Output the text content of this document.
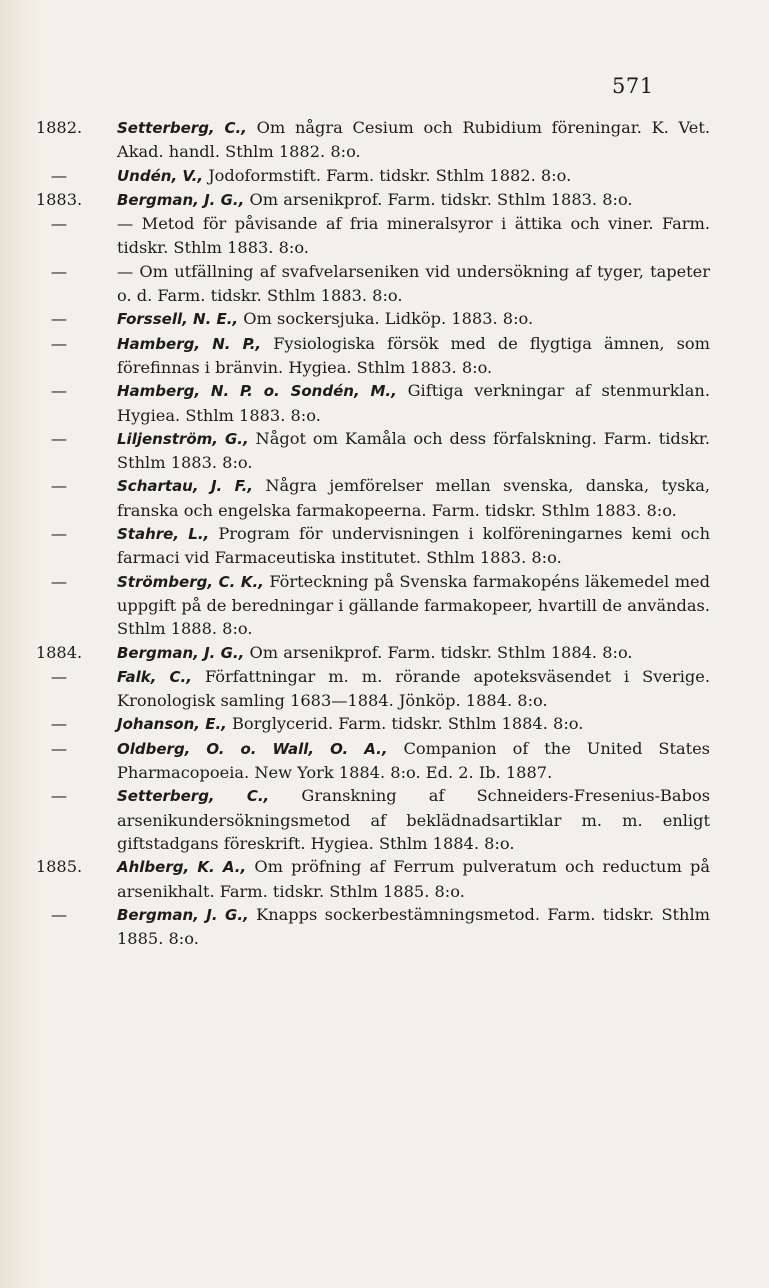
571

1882.	Setterberg, C., Om några Cesium och Rubidium föreningar. K. Vet. Akad. handl. Sthlm 1882. 8:o.

—	Undén, V., Jodoformstift. Farm. tidskr. Sthlm 1882. 8:o.

1883.	Bergman, J. G., Om arsenikprof. Farm. tidskr. Sthlm 1883. 8:o.

—	— Metod för påvisande af fria mineralsyror i ättika och viner. Farm. tidskr. Sthlm 1883. 8:o.

—	— Om utfällning af svafvelarseniken vid undersökning af tyger, tapeter o. d. Farm. tidskr. Sthlm 1883. 8:o.

—	Forssell, N. E., Om sockersjuka. Lidköp. 1883. 8:o.

—	Hamberg, N. P., Fysiologiska försök med de flygtiga ämnen, som förefinnas i bränvin. Hygiea. Sthlm 1883. 8:o.

—	Hamberg, N. P. o. Sondén, M., Giftiga verkningar af stenmurklan. Hygiea. Sthlm 1883. 8:o.

—	Liljenström, G., Något om Kamåla och dess förfalskning. Farm. tidskr. Sthlm 1883. 8:o.

—	Schartau, J. F., Några jemförelser mellan svenska, danska, tyska, franska och engelska farmakopeerna. Farm. tidskr. Sthlm 1883. 8:o.

—	Stahre, L., Program för undervisningen i kolföreningarnes kemi och farmaci vid Farmaceutiska institutet. Sthlm 1883. 8:o.

—	Strömberg, C. K., Förteckning på Svenska farmakopéns läkemedel med uppgift på de beredningar i gällande farmakopeer, hvartill de användas. Sthlm 1888. 8:o.

1884.	Bergman, J. G., Om arsenikprof. Farm. tidskr. Sthlm 1884. 8:o.

—	Falk, C., Författningar m. m. rörande apoteksväsendet i Sverige. Kronologisk samling 1683—1884. Jönköp. 1884. 8:o.

—	Johanson, E., Borglycerid. Farm. tidskr. Sthlm 1884. 8:o.

—	Oldberg, O. o. Wall, O. A., Companion of the United States Pharmacopoeia. New York 1884. 8:o. Ed. 2. Ib. 1887.

—	Setterberg, C., Granskning af Schneiders-Fresenius-Babos arsenikundersökningsmetod af beklädnadsartiklar m. m. enligt giftstadgans föreskrift. Hygiea. Sthlm 1884. 8:o.

1885.	Ahlberg, K. A., Om pröfning af Ferrum pulveratum och reductum på arsenikhalt. Farm. tidskr. Sthlm 1885. 8:o.

—	Bergman, J. G., Knapps sockerbestämningsmetod. Farm. tidskr. Sthlm 1885. 8:o.
